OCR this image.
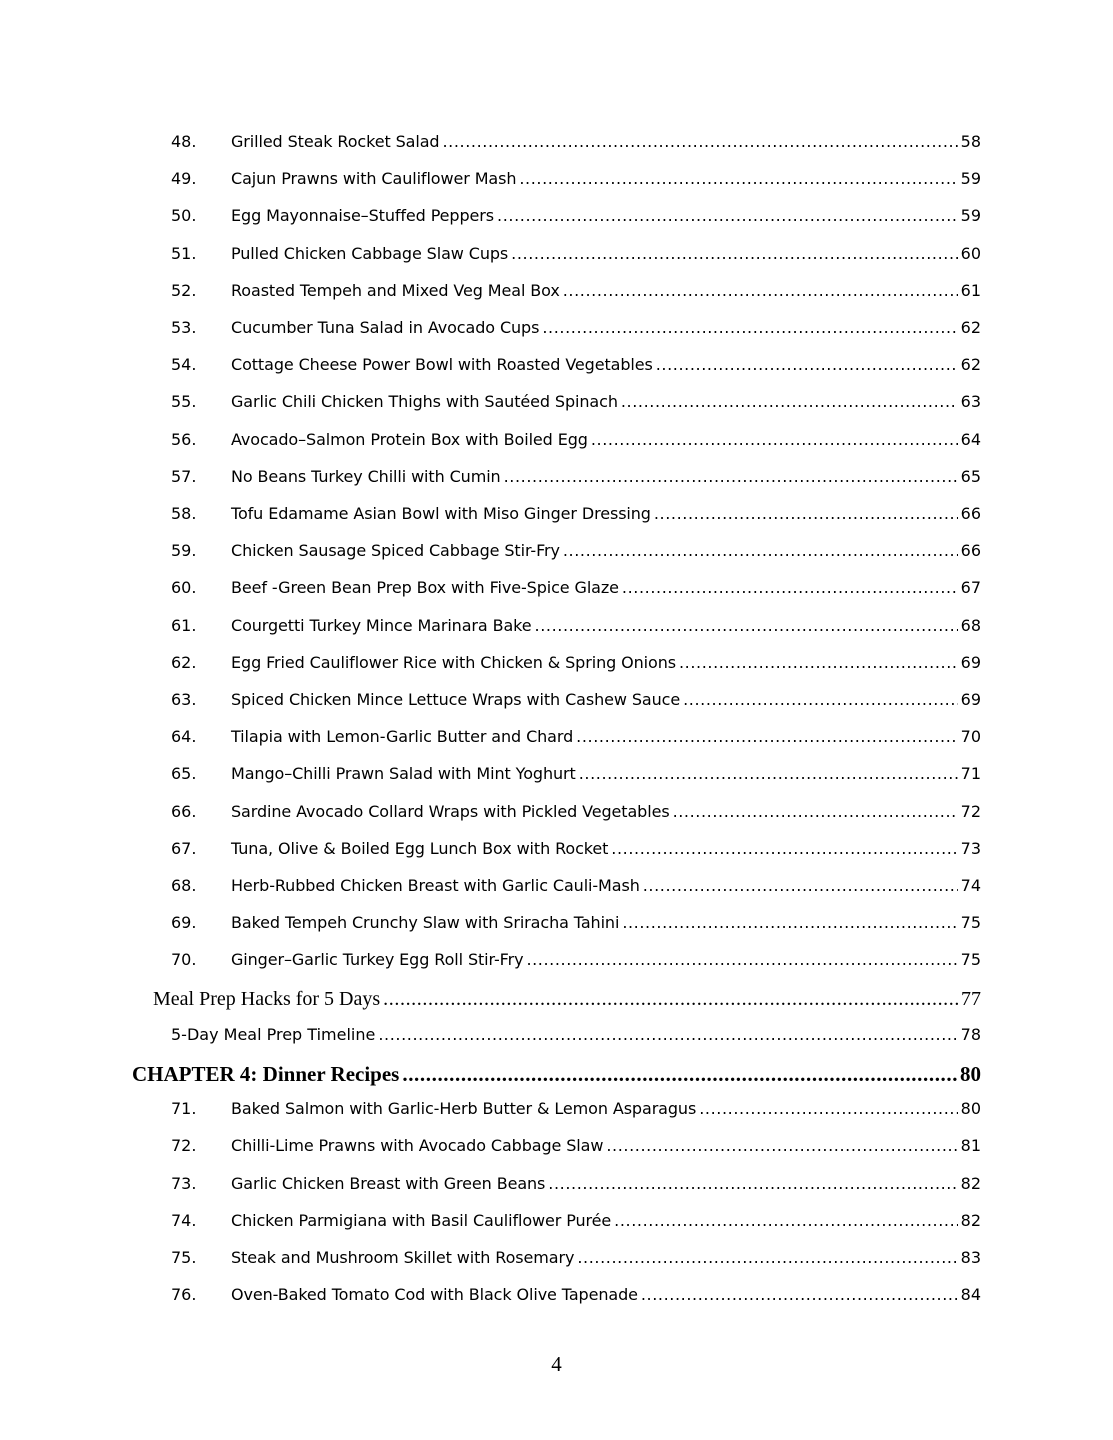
48.	Grilled Steak Rocket Salad .....	58
49.	Cajun Prawns with Cauliflower Mash .....	59
50.	Egg Mayonnaise–Stuffed Peppers .....	59
51.	Pulled Chicken Cabbage Slaw Cups .....	60
52.	Roasted Tempeh and Mixed Veg Meal Box .....	61
53.	Cucumber Tuna Salad in Avocado Cups .....	62
54.	Cottage Cheese Power Bowl with Roasted Vegetables .....	62
55.	Garlic Chili Chicken Thighs with Sautéed Spinach .....	63
56.	Avocado–Salmon Protein Box with Boiled Egg .....	64
57.	No Beans Turkey Chilli with Cumin .....	65
58.	Tofu Edamame Asian Bowl with Miso Ginger Dressing .....	66
59.	Chicken Sausage Spiced Cabbage Stir-Fry .....	66
60.	Beef -Green Bean Prep Box with Five-Spice Glaze .....	67
61.	Courgetti Turkey Mince Marinara Bake .....	68
62.	Egg Fried Cauliflower Rice with Chicken & Spring Onions .....	69
63.	Spiced Chicken Mince Lettuce Wraps with Cashew Sauce .....	69
64.	Tilapia with Lemon-Garlic Butter and Chard .....	70
65.	Mango–Chilli Prawn Salad with Mint Yoghurt .....	71
66.	Sardine Avocado Collard Wraps with Pickled Vegetables .....	72
67.	Tuna, Olive & Boiled Egg Lunch Box with Rocket .....	73
68.	Herb-Rubbed Chicken Breast with Garlic Cauli-Mash .....	74
69.	Baked Tempeh Crunchy Slaw with Sriracha Tahini .....	75
70.	Ginger–Garlic Turkey Egg Roll Stir-Fry .....	75
Meal Prep Hacks for 5 Days .....	77
5-Day Meal Prep Timeline .....	78
CHAPTER 4: Dinner Recipes .....	80
71.	Baked Salmon with Garlic-Herb Butter & Lemon Asparagus .....	80
72.	Chilli-Lime Prawns with Avocado Cabbage Slaw .....	81
73.	Garlic Chicken Breast with Green Beans .....	82
74.	Chicken Parmigiana with Basil Cauliflower Purée .....	82
75.	Steak and Mushroom Skillet with Rosemary .....	83
76.	Oven-Baked Tomato Cod with Black Olive Tapenade .....	84
4
